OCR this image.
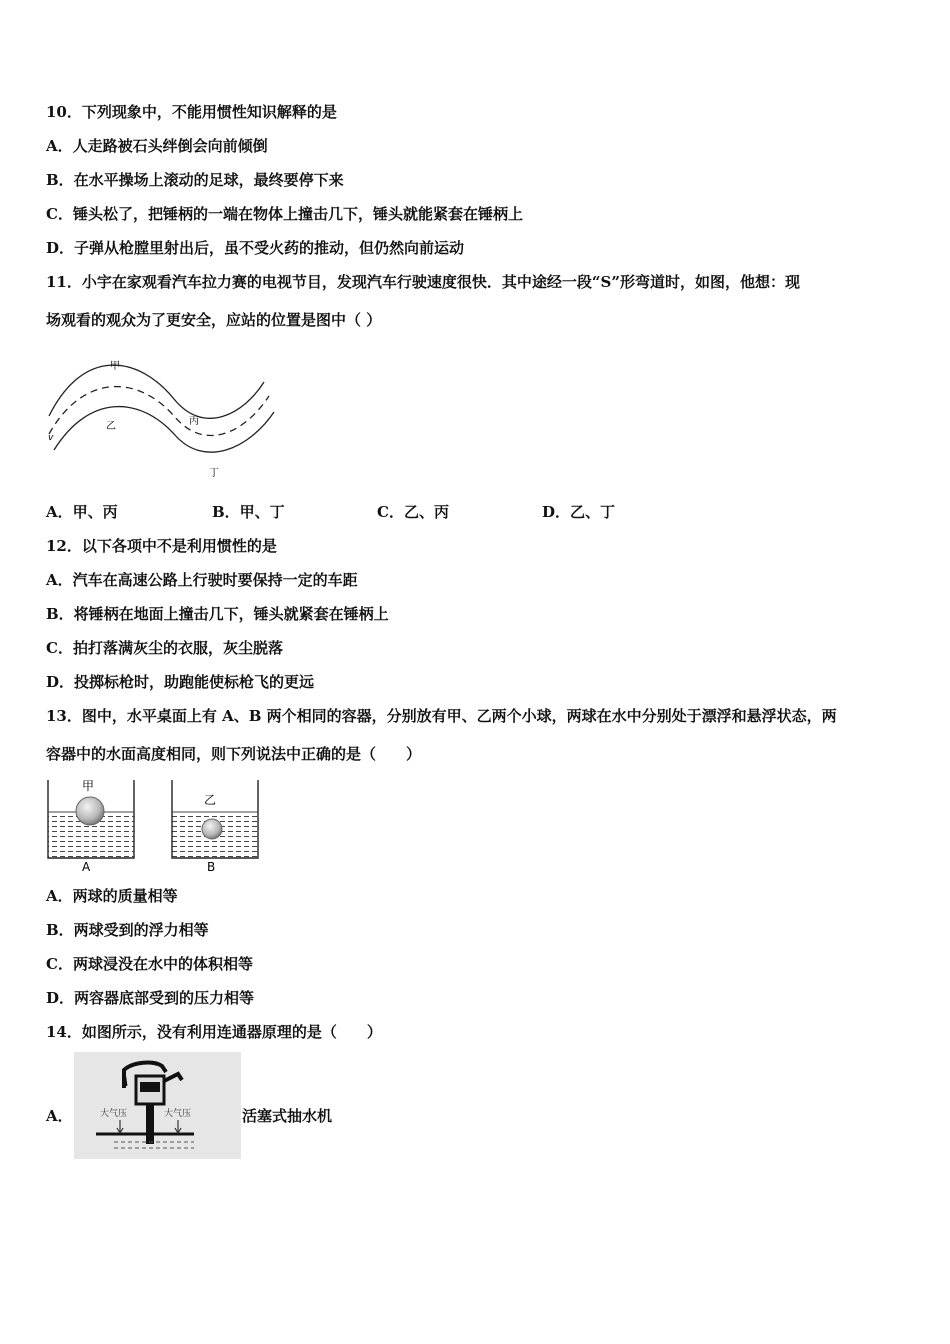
10．下列现象中，不能用惯性知识解释的是
A．人走路被石头绊倒会向前倾倒
B．在水平操场上滚动的足球，最终要停下来
C．锤头松了，把锤柄的一端在物体上撞击几下，锤头就能紧套在锤柄上
D．子弹从枪膛里射出后，虽不受火药的推动，但仍然向前运动
11．小宇在家观看汽车拉力赛的电视节目，发现汽车行驶速度很快．其中途经一段“S”形弯道时，如图，他想：现
场观看的观众为了更安全，应站的位置是图中（ ）
甲
乙	丙
丁
v
A．甲、丙	B．甲、丁	C．乙、丙	D．乙、丁
12．以下各项中不是利用惯性的是
A．汽车在高速公路上行驶时要保持一定的车距
B．将锤柄在地面上撞击几下，锤头就紧套在锤柄上
C．拍打落满灰尘的衣服，灰尘脱落
D．投掷标枪时，助跑能使标枪飞的更远
13．图中，水平桌面上有 A、B 两个相同的容器，分别放有甲、乙两个小球，两球在水中分别处于漂浮和悬浮状态，两
容器中的水面高度相同，则下列说法中正确的是（　　）
甲
A
乙
B
A．两球的质量相等
B．两球受到的浮力相等
C．两球浸没在水中的体积相等
D．两容器底部受到的压力相等
14．如图所示，没有利用连通器原理的是（　　）
A．	大气压	大气压	活塞式抽水机
